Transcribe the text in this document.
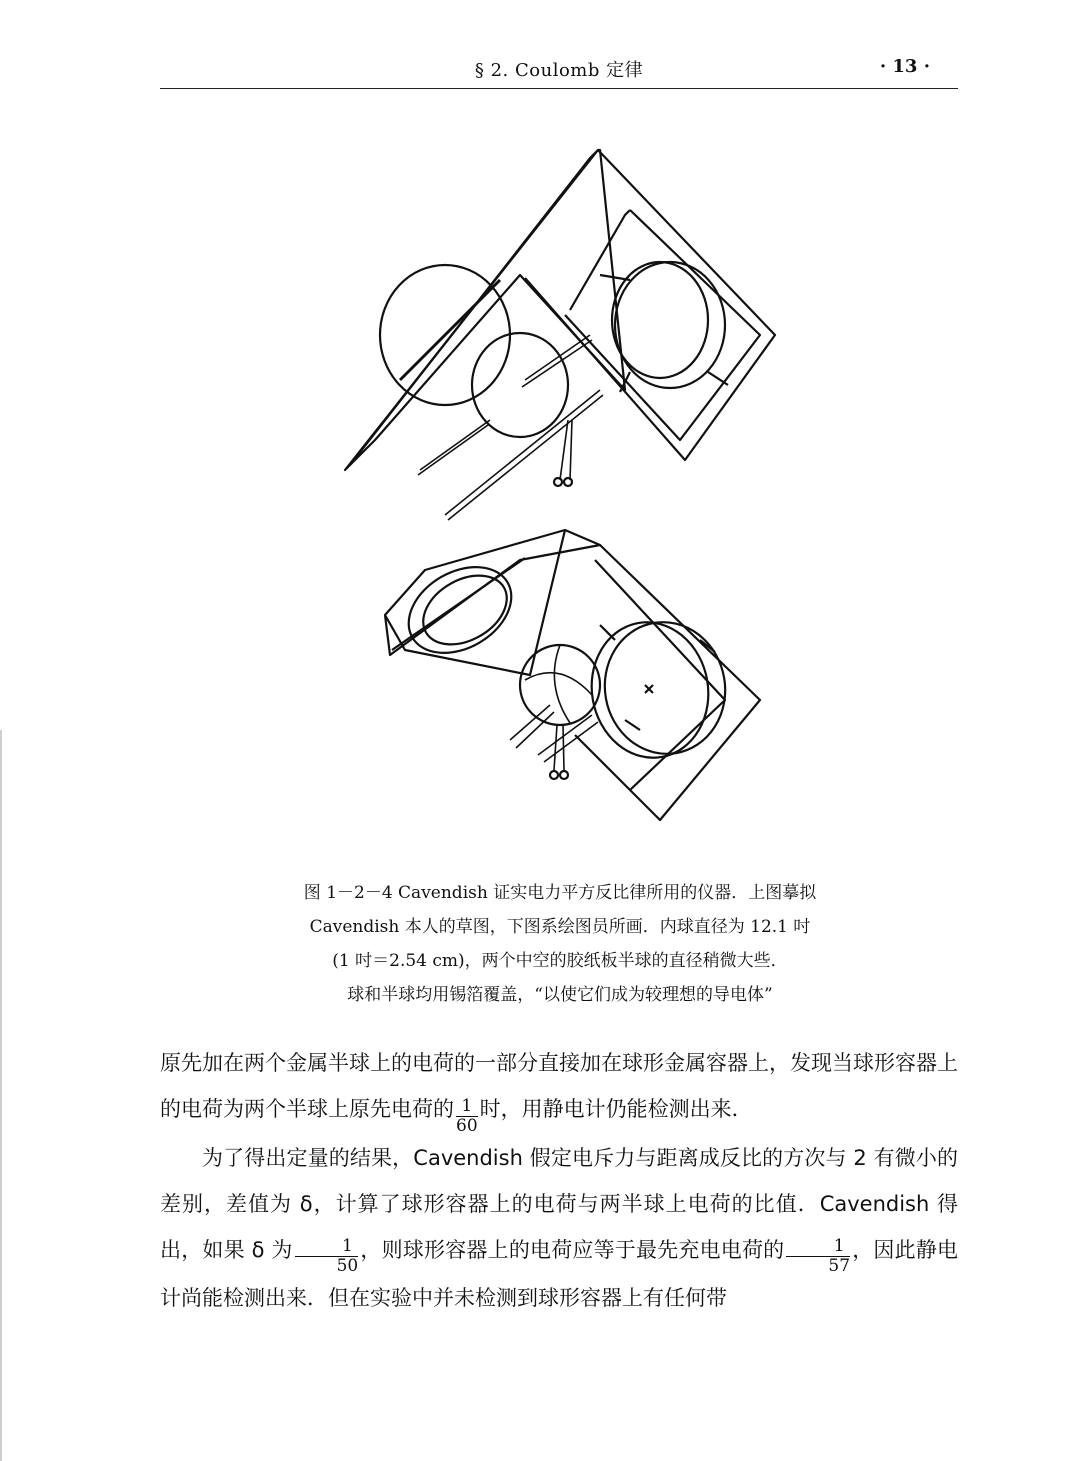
§ 2. Coulomb 定律	· 13 ·
图 1－2－4 Cavendish 证实电力平方反比律所用的仪器．上图摹拟
Cavendish 本人的草图，下图系绘图员所画．内球直径为 12.1 吋
(1 吋＝2.54 cm)，两个中空的胶纸板半球的直径稍微大些．
球和半球均用锡箔覆盖，“以使它们成为较理想的导电体”

原先加在两个金属半球上的电荷的一部分直接加在球形金属容器上，发现当球形容器上的电荷为两个半球上原先电荷的 $\frac{1}{60}$ 时，用静电计仍能检测出来．

为了得出定量的结果，Cavendish 假定电斥力与距离成反比的方次与 2 有微小的差别，差值为 δ，计算了球形容器上的电荷与两半球上电荷的比值．Cavendish 得出，如果 δ 为 $\frac{1}{50}$ ，则球形容器上的电荷应等于最先充电电荷的 $\frac{1}{57}$ ，因此静电计尚能检测出来．但在实验中并未检测到球形容器上有任何带
